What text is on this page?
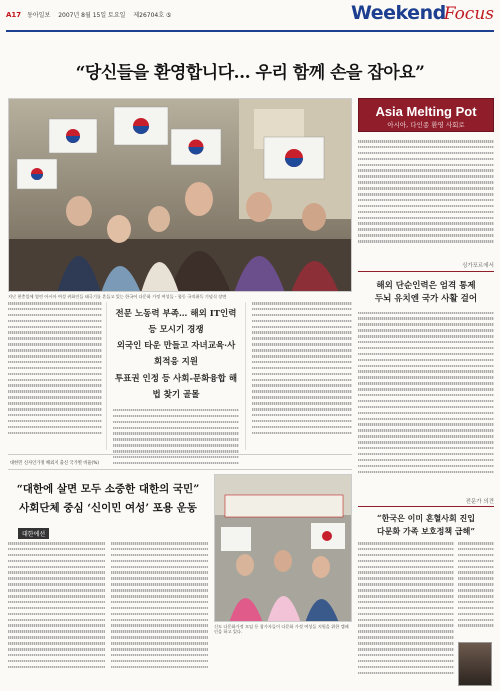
A17 동아일보 2007년 8월 15일 토요일 제26704호 ⑤	WeekendFocus
“당신들을 환영합니다… 우리 함께 손을 잡아요”
지난 현충일에 열린 아시아 여성 귀화인들 태극기를 흔들고 있는 한국어 다문화 가정 여성들 - 합동 국적취득 기념식 장면
Asia Melting Pot
아시아, 다인종 환영 사회로
싱가포르에서
해외 단순인력은 엄격 통제
두뇌 유치엔 국가 사활 걸어
전문 노동력 부족… 해외 IT인력 등 모시기 경쟁
외국인 타운 만들고 자녀교육·사회적응 지원
투표권 인정 등 사회-문화융합 해법 찾기 골몰
대한민 신자인가정 해외지 출신 국가별 비율(%)
“대한에 살면 모두 소중한 대한의 국민”
사회단체 중심 ‘신이민 여성’ 포용 운동
대한에선
신도 다문화가정 모임 등 참가자들이 다문화 가정 여성들 지원을 위한 캠페인을 하고 있다.
전문가 의견
“한국은 이미 혼혈사회 진입
다문화 가족 보호정책 급해”
